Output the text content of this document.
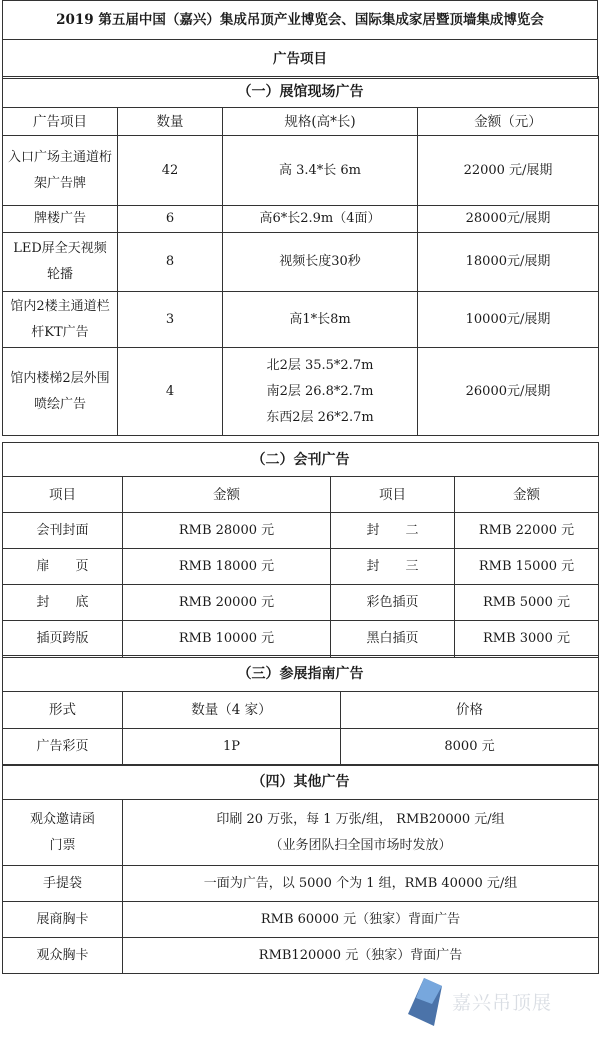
2019 第五届中国（嘉兴）集成吊顶产业博览会、国际集成家居暨顶墙集成博览会
广告项目
（一）展馆现场广告			
广告项目	数量	规格(高*长)	金额（元）
入口广场主通道桁架广告牌	42	高 3.4*长 6m	22000 元/展期
牌楼广告	6	高6*长2.9m（4面）	28000元/展期
LED屏全天视频轮播	8	视频长度30秒	18000元/展期
馆内2楼主通道栏杆KT广告	3	高1*长8m	10000元/展期
馆内楼梯2层外围喷绘广告	4	北2层 35.5*2.7m
南2层 26.8*2.7m
东西2层 26*2.7m	26000元/展期
（二）会刊广告			
项目	金额	项目	金额
会刊封面	RMB 28000 元	封　　二	RMB 22000 元
扉　　页	RMB 18000 元	封　　三	RMB 15000 元
封　　底	RMB 20000 元	彩色插页	RMB 5000 元
插页跨版	RMB 10000 元	黑白插页	RMB 3000 元
（三）参展指南广告		
形式	数量（4 家）	价格
广告彩页	1P	8000 元
（四）其他广告	

观众邀请函
门票	印刷 20 万张，每 1 万张/组， RMB20000 元/组
（业务团队扫全国市场时发放）

手提袋	一面为广告，以 5000 个为 1 组，RMB 40000 元/组
展商胸卡	RMB 60000 元（独家）背面广告
观众胸卡	RMB120000 元（独家）背面广告
嘉兴吊顶展
